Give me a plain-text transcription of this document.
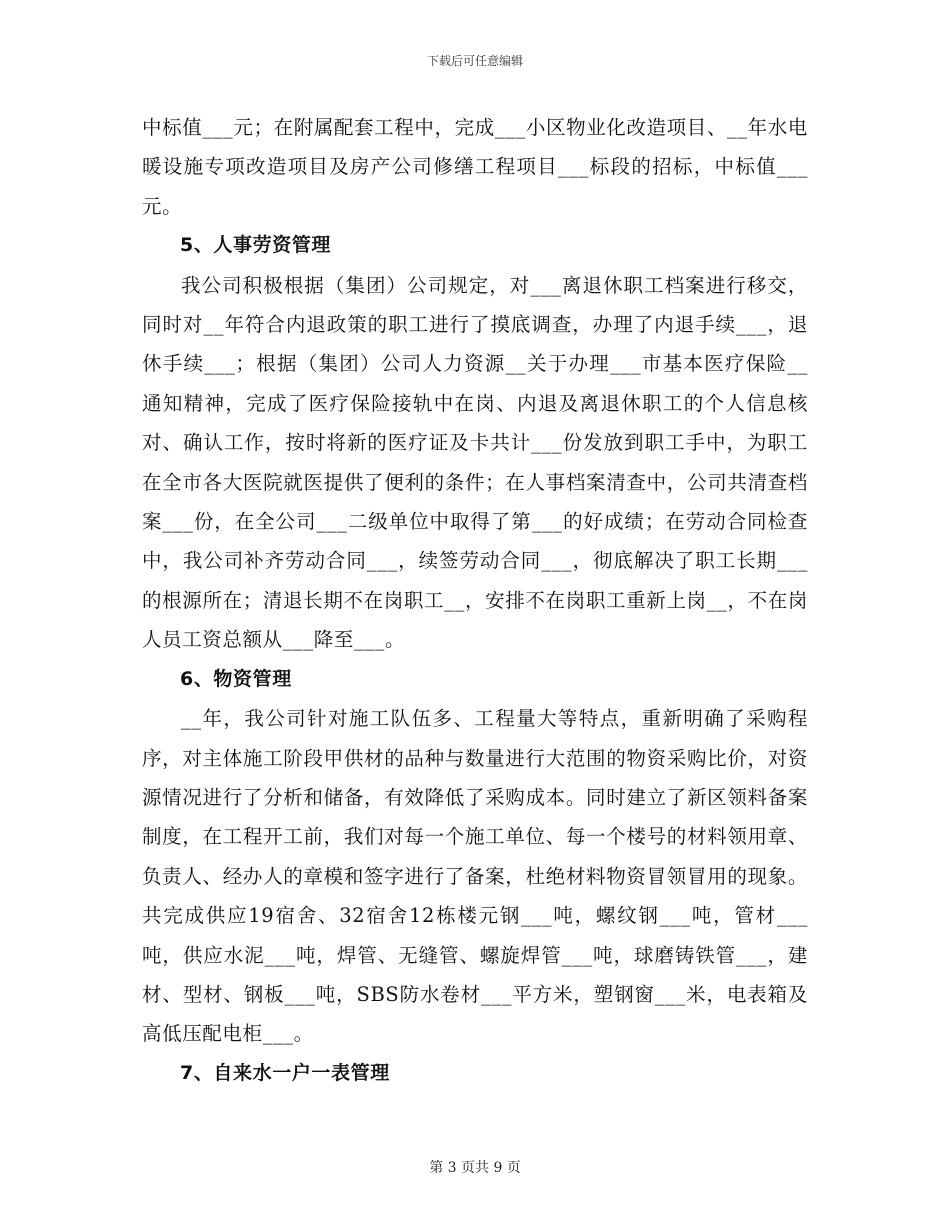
下载后可任意编辑

中标值___元；在附属配套工程中，完成___小区物业化改造项目、__年水电暖设施专项改造项目及房产公司修缮工程项目___标段的招标，中标值___元。

5、人事劳资管理

我公司积极根据（集团）公司规定，对___离退休职工档案进行移交，同时对__年符合内退政策的职工进行了摸底调查，办理了内退手续___，退休手续___；根据（集团）公司人力资源__关于办理___市基本医疗保险__通知精神，完成了医疗保险接轨中在岗、内退及离退休职工的个人信息核对、确认工作，按时将新的医疗证及卡共计___份发放到职工手中，为职工在全市各大医院就医提供了便利的条件；在人事档案清查中，公司共清查档案___份，在全公司___二级单位中取得了第___的好成绩；在劳动合同检查中，我公司补齐劳动合同___，续签劳动合同___，彻底解决了职工长期___的根源所在；清退长期不在岗职工__，安排不在岗职工重新上岗__，不在岗人员工资总额从___降至___。

6、物资管理

__年，我公司针对施工队伍多、工程量大等特点，重新明确了采购程序，对主体施工阶段甲供材的品种与数量进行大范围的物资采购比价，对资源情况进行了分析和储备，有效降低了采购成本。同时建立了新区领料备案制度，在工程开工前，我们对每一个施工单位、每一个楼号的材料领用章、负责人、经办人的章模和签字进行了备案，杜绝材料物资冒领冒用的现象。共完成供应19宿舍、32宿舍12栋楼元钢___吨，螺纹钢___吨，管材___吨，供应水泥___吨，焊管、无缝管、螺旋焊管___吨，球磨铸铁管___，建材、型材、钢板___吨，SBS防水卷材___平方米，塑钢窗___米，电表箱及高低压配电柜___。

7、自来水一户一表管理

第 3 页共 9 页
